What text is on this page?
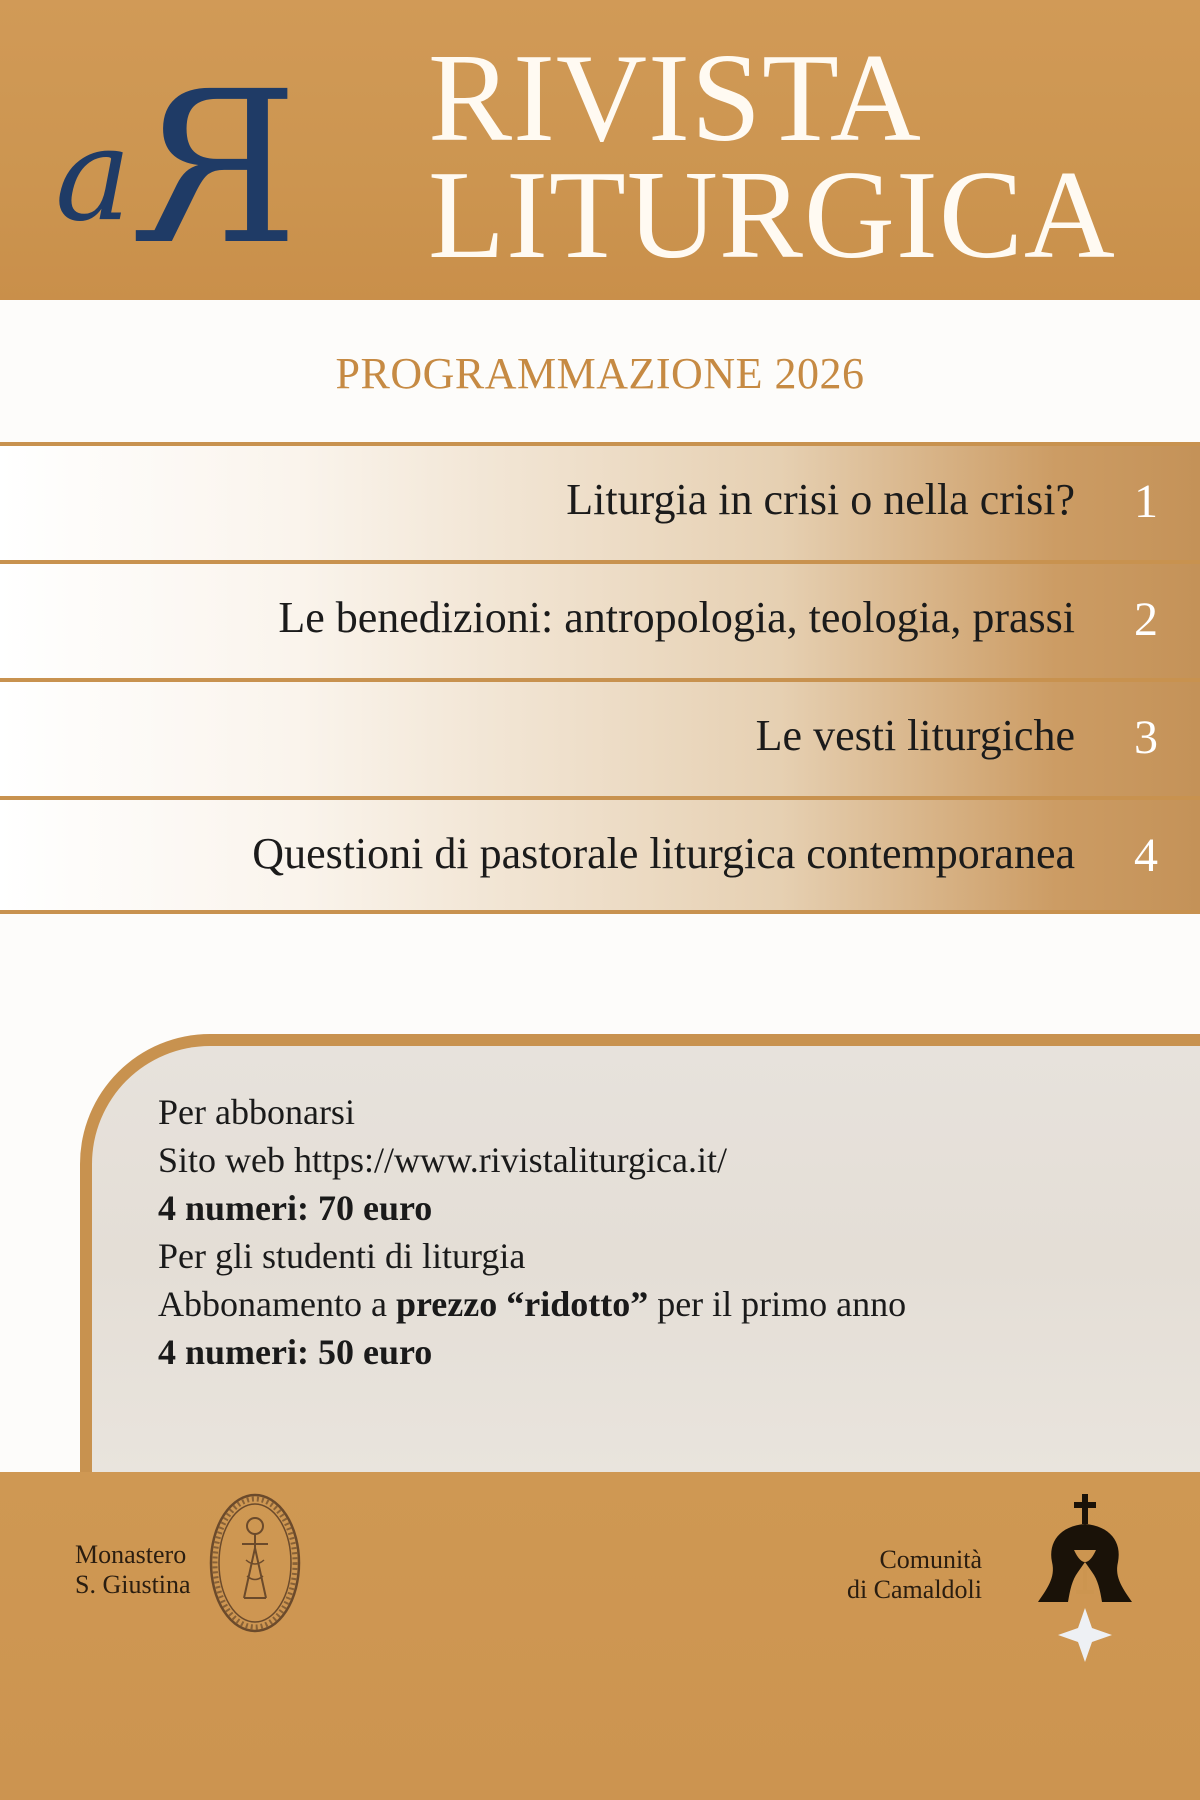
a R RIVISTA
LITURGICA
PROGRAMMAZIONE 2026
Liturgia in crisi o nella crisi? 1
Le benedizioni: antropologia, teologia, prassi 2
Le vesti liturgiche 3
Questioni di pastorale liturgica contemporanea 4
Per abbonarsi
Sito web https://www.rivistaliturgica.it/
4 numeri: 70 euro
Per gli studenti di liturgia
Abbonamento a prezzo “ridotto” per il primo anno
4 numeri: 50 euro
Monastero
S. Giustina
Comunità
di Camaldoli
